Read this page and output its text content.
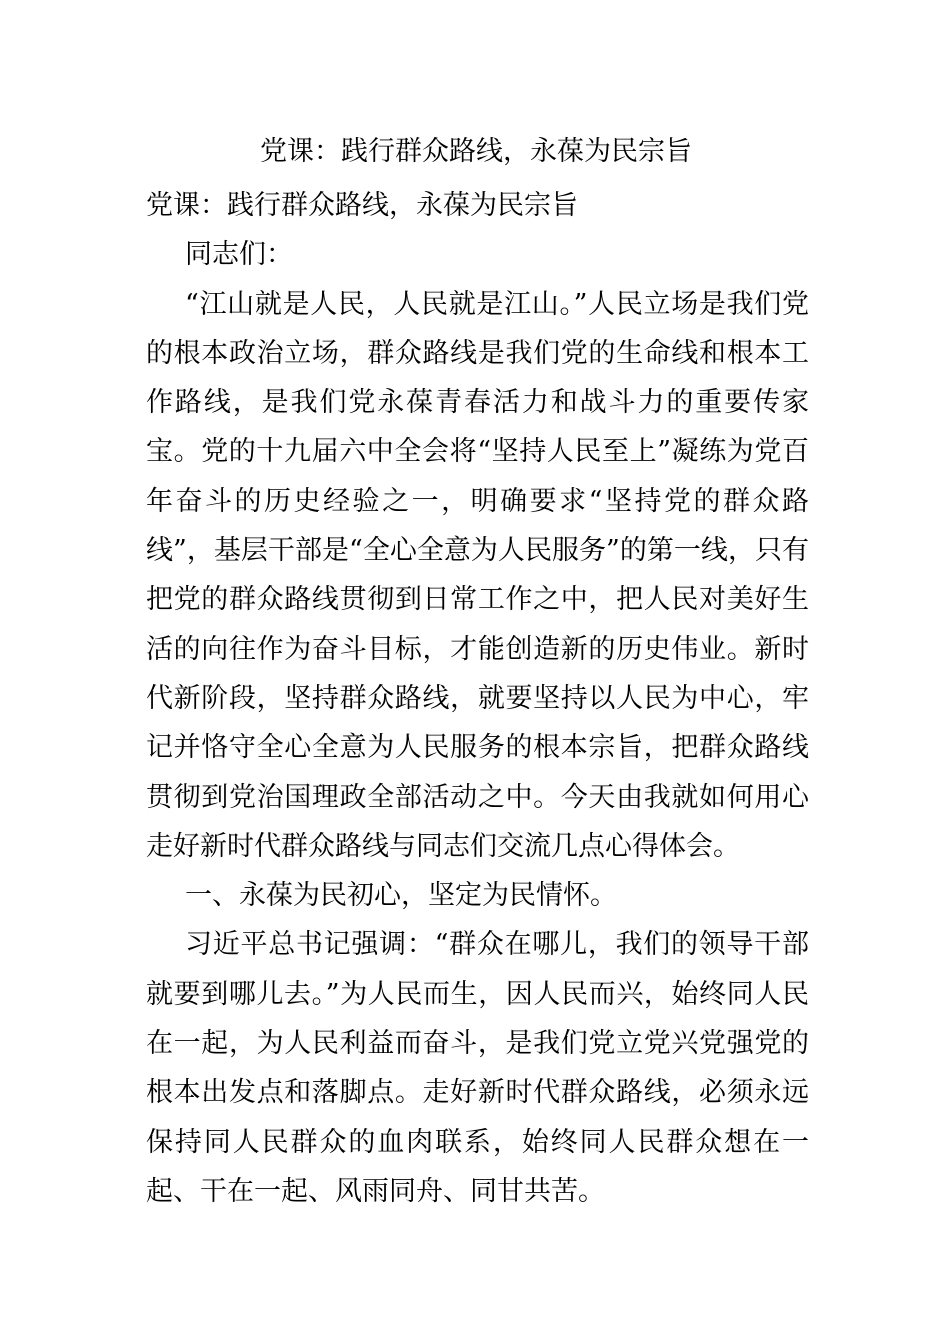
党课：践行群众路线，永葆为民宗旨

党课：践行群众路线，永葆为民宗旨

同志们：

“江山就是人民，人民就是江山。”人民立场是我们党的根本政治立场，群众路线是我们党的生命线和根本工作路线，是我们党永葆青春活力和战斗力的重要传家宝。党的十九届六中全会将“坚持人民至上”凝练为党百年奋斗的历史经验之一，明确要求“坚持党的群众路线”，基层干部是“全心全意为人民服务”的第一线，只有把党的群众路线贯彻到日常工作之中，把人民对美好生活的向往作为奋斗目标，才能创造新的历史伟业。新时代新阶段，坚持群众路线，就要坚持以人民为中心，牢记并恪守全心全意为人民服务的根本宗旨，把群众路线贯彻到党治国理政全部活动之中。今天由我就如何用心走好新时代群众路线与同志们交流几点心得体会。

一、永葆为民初心，坚定为民情怀。

习近平总书记强调：“群众在哪儿，我们的领导干部就要到哪儿去。”为人民而生，因人民而兴，始终同人民在一起，为人民利益而奋斗，是我们党立党兴党强党的根本出发点和落脚点。走好新时代群众路线，必须永远保持同人民群众的血肉联系，始终同人民群众想在一起、干在一起、风雨同舟、同甘共苦。
